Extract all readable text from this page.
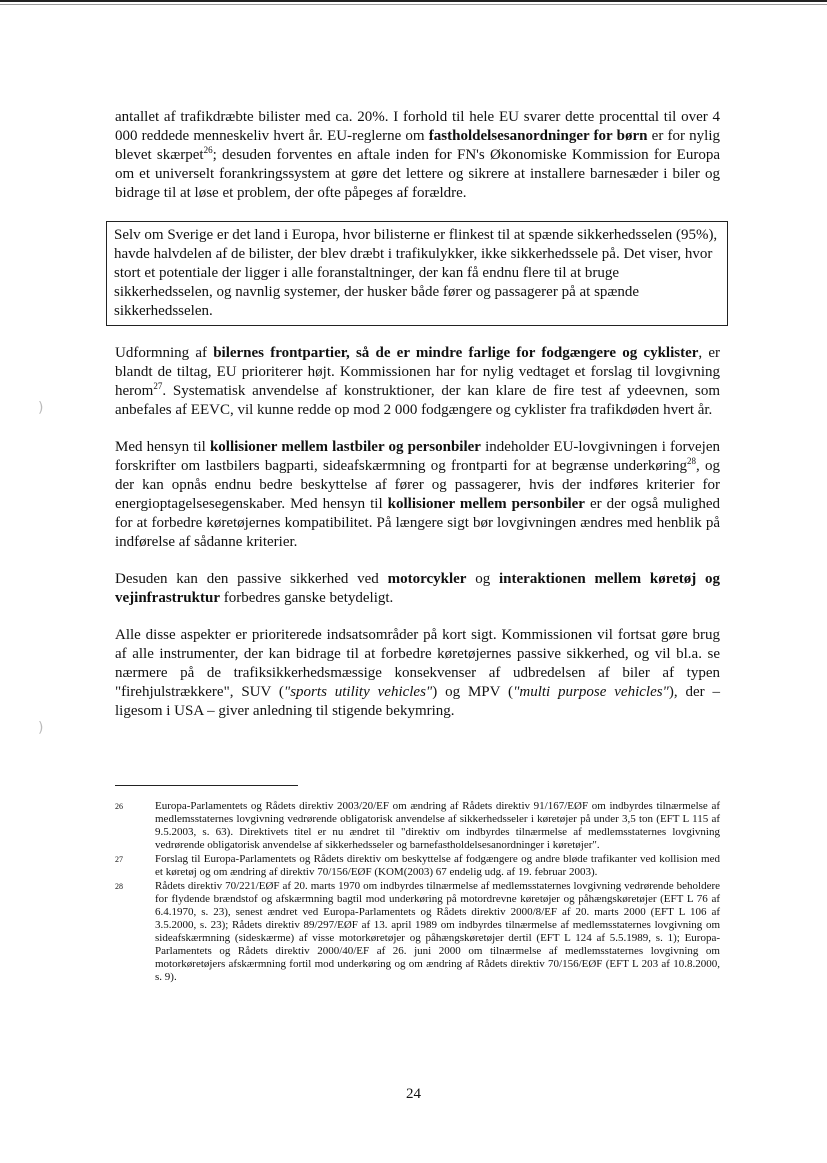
)
)

antallet af trafikdræbte bilister med ca. 20%. I forhold til hele EU svarer dette procenttal til over 4 000 reddede menneskeliv hvert år. EU-reglerne om fastholdelsesanordninger for børn er for nylig blevet skærpet$^{26}$; desuden forventes en aftale inden for FN's Økonomiske Kommission for Europa om et universelt forankringssystem at gøre det lettere og sikrere at installere barnesæder i biler og bidrage til at løse et problem, der ofte påpeges af forældre.

Selv om Sverige er det land i Europa, hvor bilisterne er flinkest til at spænde sikkerhedsselen (95%), havde halvdelen af de bilister, der blev dræbt i trafikulykker, ikke sikkerhedssele på. Det viser, hvor stort et potentiale der ligger i alle foranstaltninger, der kan få endnu flere til at bruge sikkerhedsselen, og navnlig systemer, der husker både fører og passagerer på at spænde sikkerhedsselen.

Udformning af bilernes frontpartier, så de er mindre farlige for fodgængere og cyklister, er blandt de tiltag, EU prioriterer højt. Kommissionen har for nylig vedtaget et forslag til lovgivning herom$^{27}$. Systematisk anvendelse af konstruktioner, der kan klare de fire test af ydeevnen, som anbefales af EEVC, vil kunne redde op mod 2 000 fodgængere og cyklister fra trafikdøden hvert år.

Med hensyn til kollisioner mellem lastbiler og personbiler indeholder EU-lovgivningen i forvejen forskrifter om lastbilers bagparti, sideafskærmning og frontparti for at begrænse underkøring$^{28}$, og der kan opnås endnu bedre beskyttelse af fører og passagerer, hvis der indføres kriterier for energioptagelsesegenskaber. Med hensyn til kollisioner mellem personbiler er der også mulighed for at forbedre køretøjernes kompatibilitet. På længere sigt bør lovgivningen ændres med henblik på indførelse af sådanne kriterier.

Desuden kan den passive sikkerhed ved motorcykler og interaktionen mellem køretøj og vejinfrastruktur forbedres ganske betydeligt.

Alle disse aspekter er prioriterede indsatsområder på kort sigt. Kommissionen vil fortsat gøre brug af alle instrumenter, der kan bidrage til at forbedre køretøjernes passive sikkerhed, og vil bl.a. se nærmere på de trafiksikkerhedsmæssige konsekvenser af udbredelsen af biler af typen "firehjulstrækkere", SUV ("sports utility vehicles") og MPV ("multi purpose vehicles"), der – ligesom i USA – giver anledning til stigende bekymring.

26	Europa-Parlamentets og Rådets direktiv 2003/20/EF om ændring af Rådets direktiv 91/167/EØF om indbyrdes tilnærmelse af medlemsstaternes lovgivning vedrørende obligatorisk anvendelse af sikkerhedsseler i køretøjer på under 3,5 ton (EFT L 115 af 9.5.2003, s. 63). Direktivets titel er nu ændret til "direktiv om indbyrdes tilnærmelse af medlemsstaternes lovgivning vedrørende obligatorisk anvendelse af sikkerhedsseler og barnefastholdelsesanordninger i køretøjer".
27	Forslag til Europa-Parlamentets og Rådets direktiv om beskyttelse af fodgængere og andre bløde trafikanter ved kollision med et køretøj og om ændring af direktiv 70/156/EØF (KOM(2003) 67 endelig udg. af 19. februar 2003).
28	Rådets direktiv 70/221/EØF af 20. marts 1970 om indbyrdes tilnærmelse af medlemsstaternes lovgivning vedrørende beholdere for flydende brændstof og afskærmning bagtil mod underkøring på motordrevne køretøjer og påhængskøretøjer (EFT L 76 af 6.4.1970, s. 23), senest ændret ved Europa-Parlamentets og Rådets direktiv 2000/8/EF af 20. marts 2000 (EFT L 106 af 3.5.2000, s. 23); Rådets direktiv 89/297/EØF af 13. april 1989 om indbyrdes tilnærmelse af medlemsstaternes lovgivning om sideafskærmning (sideskærme) af visse motorkøretøjer og påhængskøretøjer dertil (EFT L 124 af 5.5.1989, s. 1); Europa-Parlamentets og Rådets direktiv 2000/40/EF af 26. juni 2000 om tilnærmelse af medlemsstaternes lovgivning om motorkøretøjers afskærmning fortil mod underkøring og om ændring af Rådets direktiv 70/156/EØF (EFT L 203 af 10.8.2000, s. 9).
24
